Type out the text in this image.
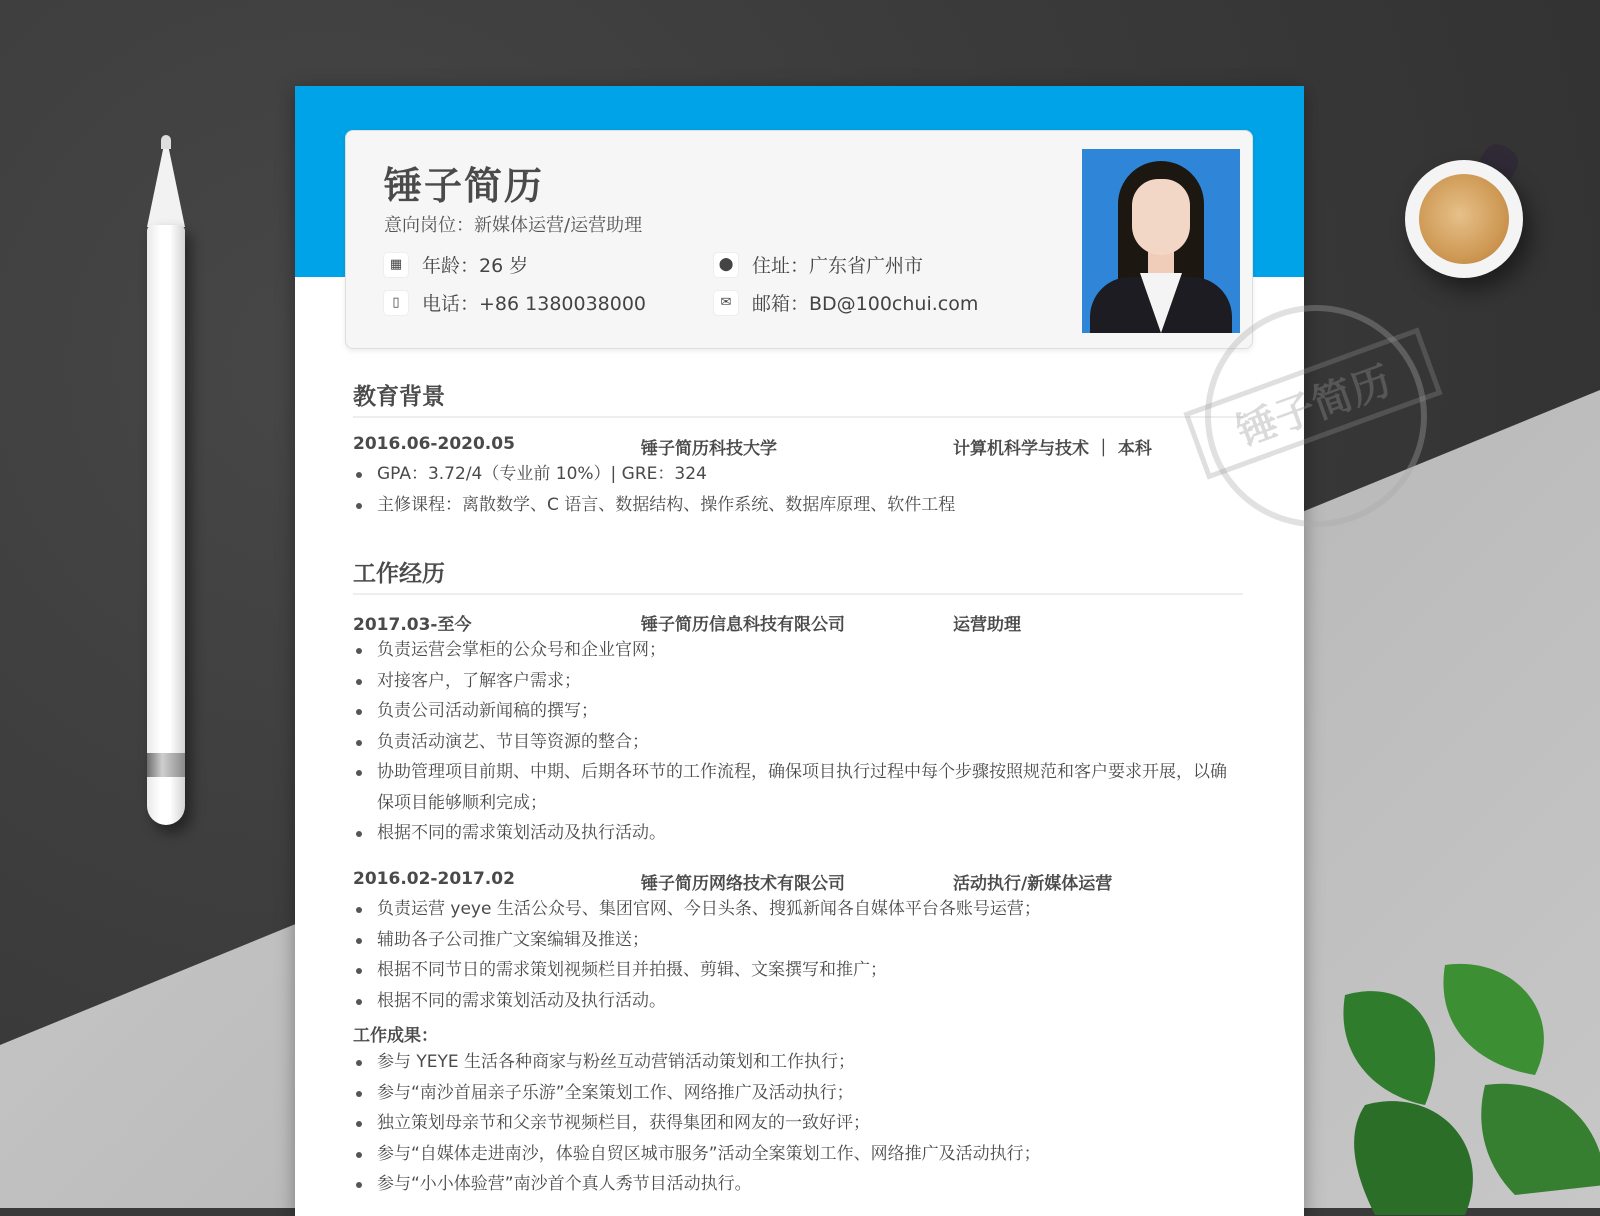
锤子简历
意向岗位：新媒体运营/运营助理
▦	年龄：26 岁	⬤ 住址：广东省广州市
▯	电话：+86 1380038000	✉	邮箱：BD@100chui.com
教育背景
2016.06-2020.05	锤子简历科技大学	计算机科学与技术 ｜ 本科
GPA：3.72/4（专业前 10%）| GRE：324
主修课程：离散数学、C 语言、数据结构、操作系统、数据库原理、软件工程
工作经历
2017.03-至今	锤子简历信息科技有限公司	运营助理
负责运营会掌柜的公众号和企业官网；
对接客户，了解客户需求；
负责公司活动新闻稿的撰写；
负责活动演艺、节目等资源的整合；
协助管理项目前期、中期、后期各环节的工作流程，确保项目执行过程中每个步骤按照规范和客户要求开展，以确保项目能够顺利完成；
根据不同的需求策划活动及执行活动。
2016.02-2017.02	锤子简历网络技术有限公司	活动执行/新媒体运营
负责运营 yeye 生活公众号、集团官网、今日头条、搜狐新闻各自媒体平台各账号运营；
辅助各子公司推广文案编辑及推送；
根据不同节日的需求策划视频栏目并拍摄、剪辑、文案撰写和推广；
根据不同的需求策划活动及执行活动。
工作成果：
参与 YEYE 生活各种商家与粉丝互动营销活动策划和工作执行；
参与“南沙首届亲子乐游”全案策划工作、网络推广及活动执行；
独立策划母亲节和父亲节视频栏目，获得集团和网友的一致好评；
参与“自媒体走进南沙，体验自贸区城市服务”活动全案策划工作、网络推广及活动执行；
参与“小小体验营”南沙首个真人秀节目活动执行。
锤子简历
